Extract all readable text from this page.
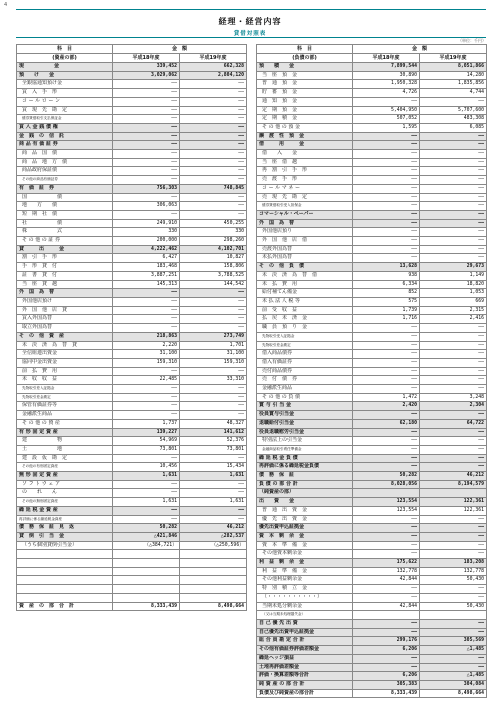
4
経理・経営内容
貸借対照表
（単位：千円）
科　目	金　額	
(資産の部)	平成18年度	平成19年度
現　　　　　　金	339,452	662,328
預　　け　　金	3,029,062	2,804,120
全銀協通知預け金	――	――
買　入　手　形	――	――
コ ー ル ロ ー ン	――	――
買　現　先　勘　定	――	――
債券貸借取引支払保証金	――	――
買 入 金 銭 債 権	――	――
金　銭　の　信　託	――	――
商 品 有 価 証 券	――	――
商　品　国　債	――	――
商　品　地　方　債	――	――
商品政府保証債	――	――
その他の商品有価証券	――	――
有　価　証　券	756,303	748,845
国　　　　　　債	――	――
地　　方　　債	306,063	――
短　期　社　債	――	――
社　　　　　　債	249,910	450,255
株　　　　　　式	330	330
そ の 他 の 証 券	200,000	298,260
貸　　　出　　　金	4,222,462	4,102,701
割　引　手　形	6,427	10,827
手　形　貸　付	183,468	158,806
証　書　貸　付	3,887,251	3,788,525
当　座　貸　越	145,313	144,542
外　国　為　替	――	――
外国他店預け	――	――
外　国　他　店　貸	――	――
買入外国為替	――	――
取立外国為替	――	――
そ　の　他　資　産	218,863	273,749
未　決　済　為　替　貸	2,220	1,701
全信組連出資金	31,100	31,100
協同中金出資金	159,310	159,310
前　払　費　用	――	――
未　収　収　益	22,485	33,310
先物取引差入証拠金	――	――
先物取引差金勘定	――	――
保管有価証券等	――	――
金融派生商品	――	――
そ の 他 の 資 産	1,737	48,327
有 形 固 定 資 産	139,227	141,612
建　　　　　　物	54,969	52,376
土　　　　　　地	73,801	73,801
建　設　仮　勘　定	――	――
その他の有形固定資産	10,456	15,434
無 形 固 定 資 産	1,631	1,631
ソ フ ト ウ ェ ア	――	――
の　　れ　　ん	――	――
その他の無形固定資産	1,631	1,631
繰 延 税 金 資 産	――	――
再評価に係る繰延税金資産	――	――
債　務　保　証　見　返	50,282	46,212
貸　倒　引　当　金	△421,846	△282,537
（うち個別貸倒引当金）	（△384,721）	（△250,596）

資　産　の　部　合　計	8,333,439	8,498,664
科　目	金　額	
(負債の部)	平成18年度	平成19年度
預　　積　　金	7,899,544	8,051,866
当　座　預　金	30,890	14,280
普　通　預　金	1,950,328	1,835,856
貯　蓄　預　金	4,726	4,744
通　知　預　金	――	――
定　期　預　金	5,404,950	5,707,600
定　期　積　金	507,052	483,308
そ の 他 の 預 金	1,595	6,085
譲　渡　性　預　金	――	――
借　　　用　　　金	――	――
借　　入　　金	――	――
当　座　借　越	――	――
再　割　引　手　形	――	――
売　渡　手　形	――	――
コ ー ル マ ネ ー	――	――
売　現　先　勘　定	――	――
債券貸借取引受入担保金	――	――
コマーシャル・ペーパー	――	――
外　国　為　替	――	――
外国他店預り	――	――
外　国　他　店　借	――	――
売渡外国為替	――	――
未払外国為替	――	――
そ　の　他　負　債	13,628	29,673
未　決　済　為　替　借	938	1,149
未　払　費　用	6,334	18,820
給付補てん備金	852	1,053
未 払 法 人 税 等	575	669
前　受　収　益	1,739	2,315
払　戻　未　済　金	1,716	2,416
職　員　預　り　金	――	――
先物取引受入証拠金	――	――
先物取引差金勘定	――	――
借入商品債券	――	――
借入有価証券	――	――
売付商品債券	――	――
売　付　債　券	――	――
金融派生商品	――	――
そ の 他 の 負 債	1,472	3,248
賞 与 引 当 金	2,420	2,304
役員賞与引当金	――	――
退職給付引当金	62,180	64,722
役員退職慰労引当金	――	――
特別法上の引当金	――	――
金融商品取引責任準備金	――	――
繰 延 税 金 負 債	――	――
再評価に係る繰延税金負債	――	――
債　務　保　証	50,282	46,212
負 債 の 部 合 計	8,028,056	8,194,579
（純資産の部）		
出　　資　　金	123,554	122,361
普　通　出　資　金	123,554	122,361
優　先　出　資　金	――	――
優先出資申込証拠金	――	――
資　本　剰　余　金	――	――
資　本　準　備　金	――	――
その他資本剰余金	――	――
利　益　剰　余　金	175,622	183,208
利　益　準　備　金	132,778	132,778
その他利益剰余金	42,844	50,430
特　別　積　立　金	――	――
（・・・・・・・・・・）	――	――
当期未処分剰余金	42,844	50,430
（又は当期未処理損失金）		
自 己 優 先 出 資	――	――
自己優先出資申込証拠金	――	――
組 合 員 勘 定 合 計	299,176	305,569
その他有価証券評価差額金	6,206	△1,485
繰延ヘッジ損益	――	――
土地再評価差額金	――	――
評価・換算差額等合計	6,206	△1,485
純 資 産 の 部 合 計	305,383	304,084
負債及び純資産の部合計	8,333,439	8,498,664
